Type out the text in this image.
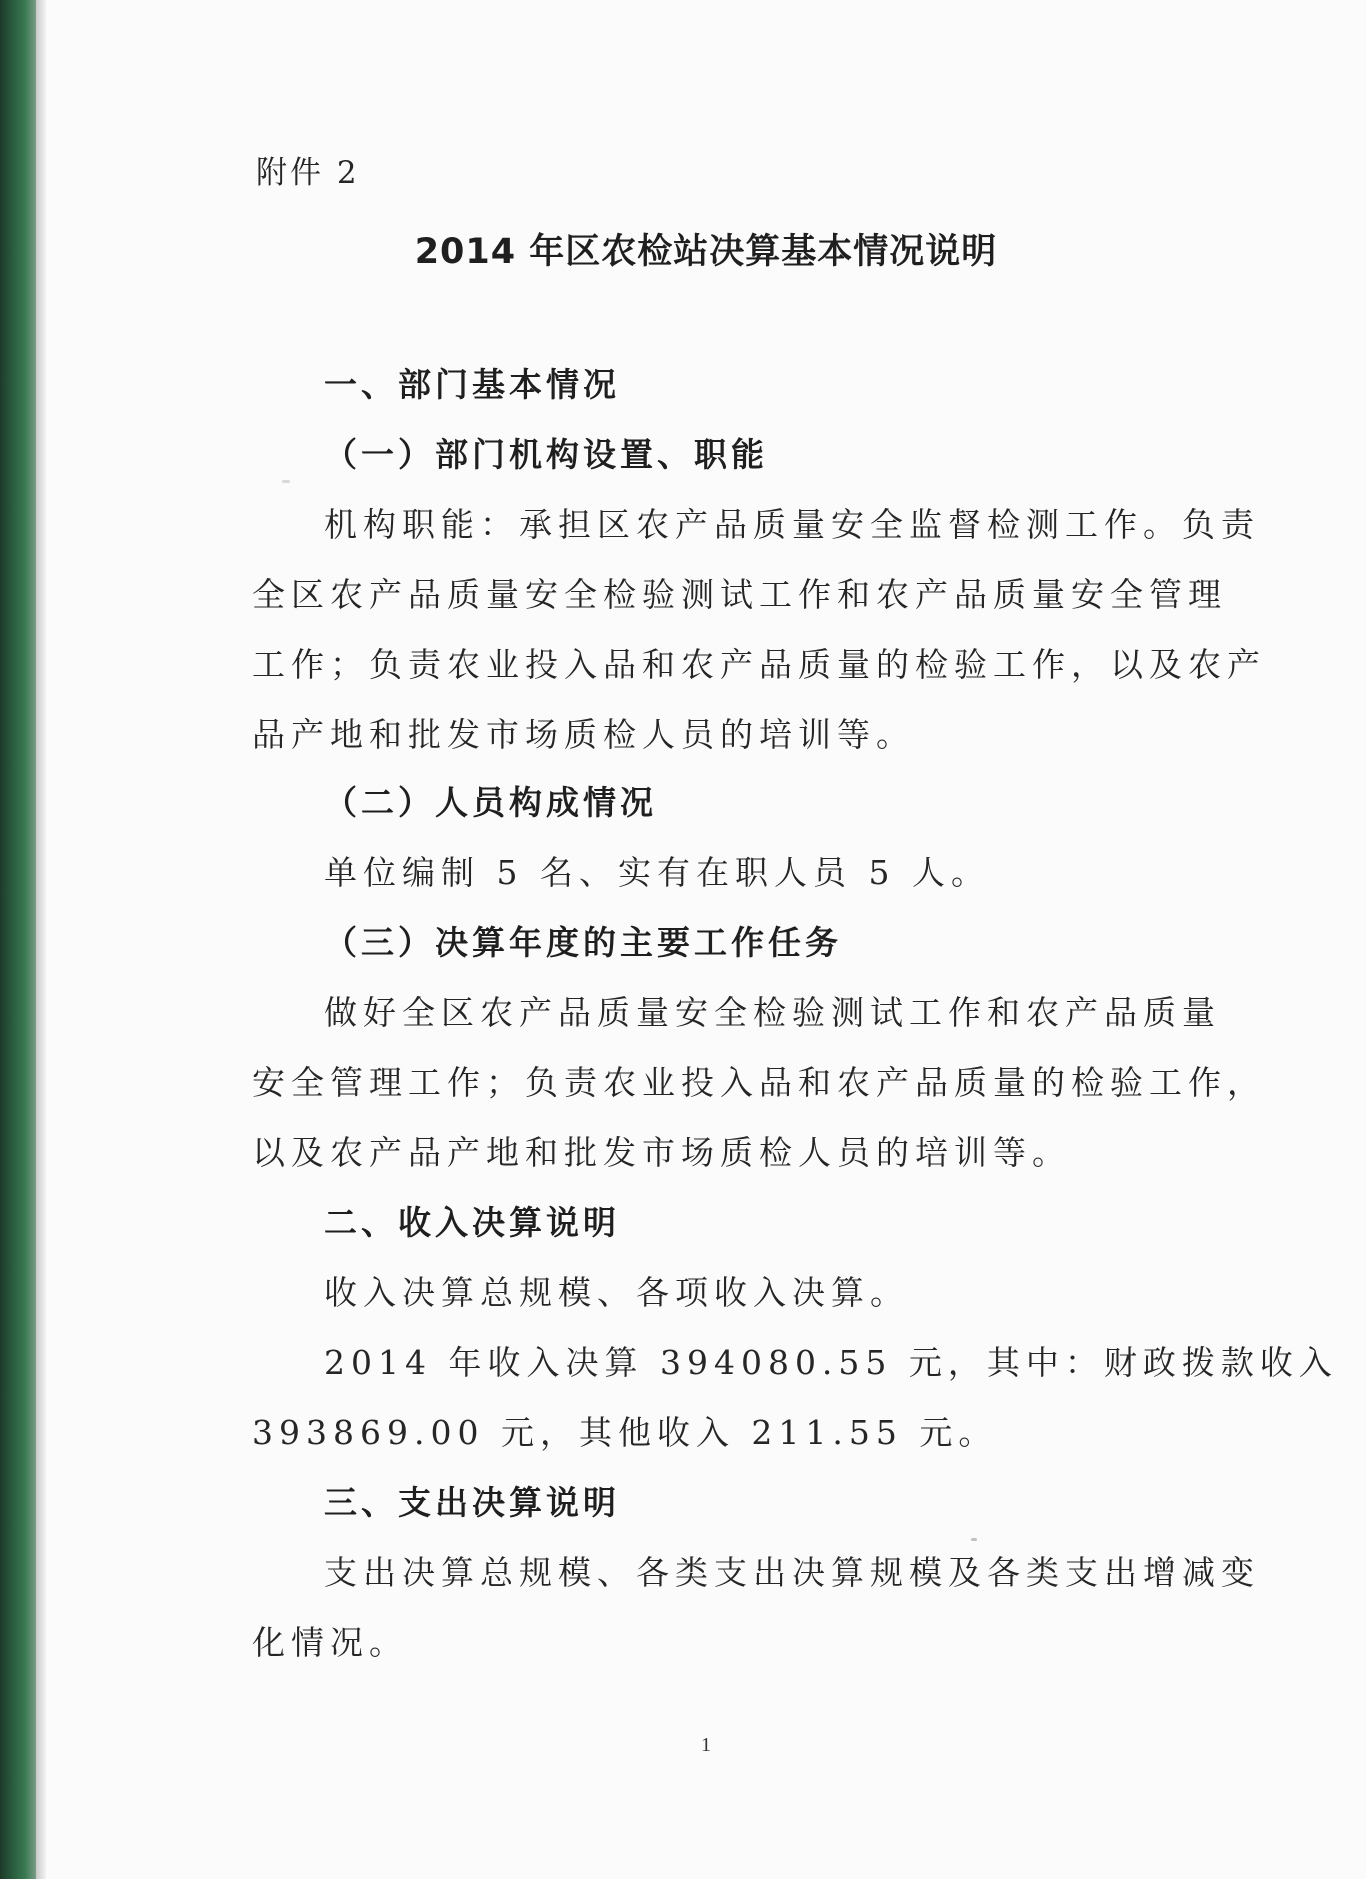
附件 2
2014 年区农检站决算基本情况说明
一、部门基本情况
（一）部门机构设置、职能
机构职能：承担区农产品质量安全监督检测工作。负责
全区农产品质量安全检验测试工作和农产品质量安全管理
工作；负责农业投入品和农产品质量的检验工作，以及农产
品产地和批发市场质检人员的培训等。
（二）人员构成情况
单位编制 5 名、实有在职人员 5 人。
（三）决算年度的主要工作任务
做好全区农产品质量安全检验测试工作和农产品质量
安全管理工作；负责农业投入品和农产品质量的检验工作，
以及农产品产地和批发市场质检人员的培训等。
二、收入决算说明
收入决算总规模、各项收入决算。
2014 年收入决算 394080.55 元，其中：财政拨款收入
393869.00 元，其他收入 211.55 元。
三、支出决算说明
支出决算总规模、各类支出决算规模及各类支出增减变
化情况。
1
